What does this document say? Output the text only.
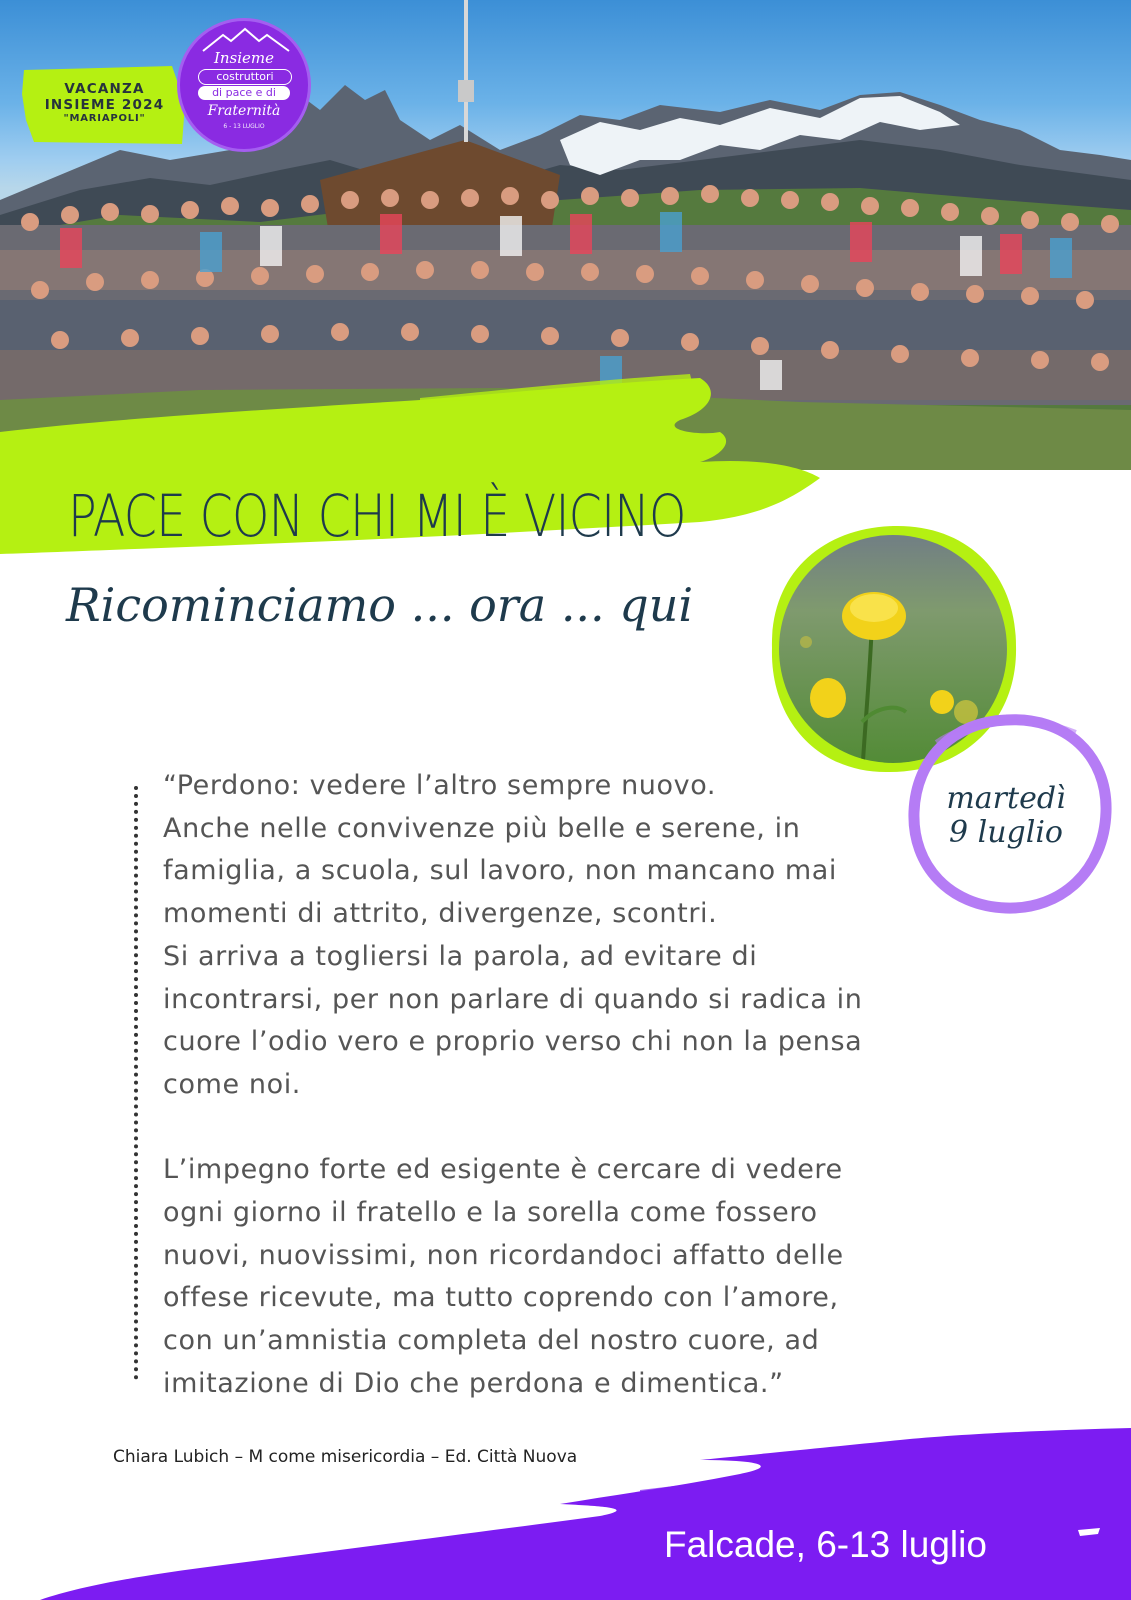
VACANZA
INSIEME 2024
"MARIAPOLI"
Insieme
costruttori
di pace e di
Fraternità
6 - 13 LUGLIO
PACE CON CHI MI È VICINO
Ricominciamo ... ora ... qui
martedì
9 luglio
“Perdono: vedere l’altro sempre nuovo.
Anche nelle convivenze più belle e serene, in
famiglia, a scuola, sul lavoro, non mancano mai
momenti di attrito, divergenze, scontri.
Si arriva a togliersi la parola, ad evitare di
incontrarsi, per non parlare di quando si radica in
cuore l’odio vero e proprio verso chi non la pensa
come noi.
L’impegno forte ed esigente è cercare di vedere
ogni giorno il fratello e la sorella come fossero
nuovi, nuovissimi, non ricordandoci affatto delle
offese ricevute, ma tutto coprendo con l’amore,
con un’amnistia completa del nostro cuore, ad
imitazione di Dio che perdona e dimentica.”

Chiara Lubich – M come misericordia – Ed. Città Nuova

Falcade, 6-13 luglio
